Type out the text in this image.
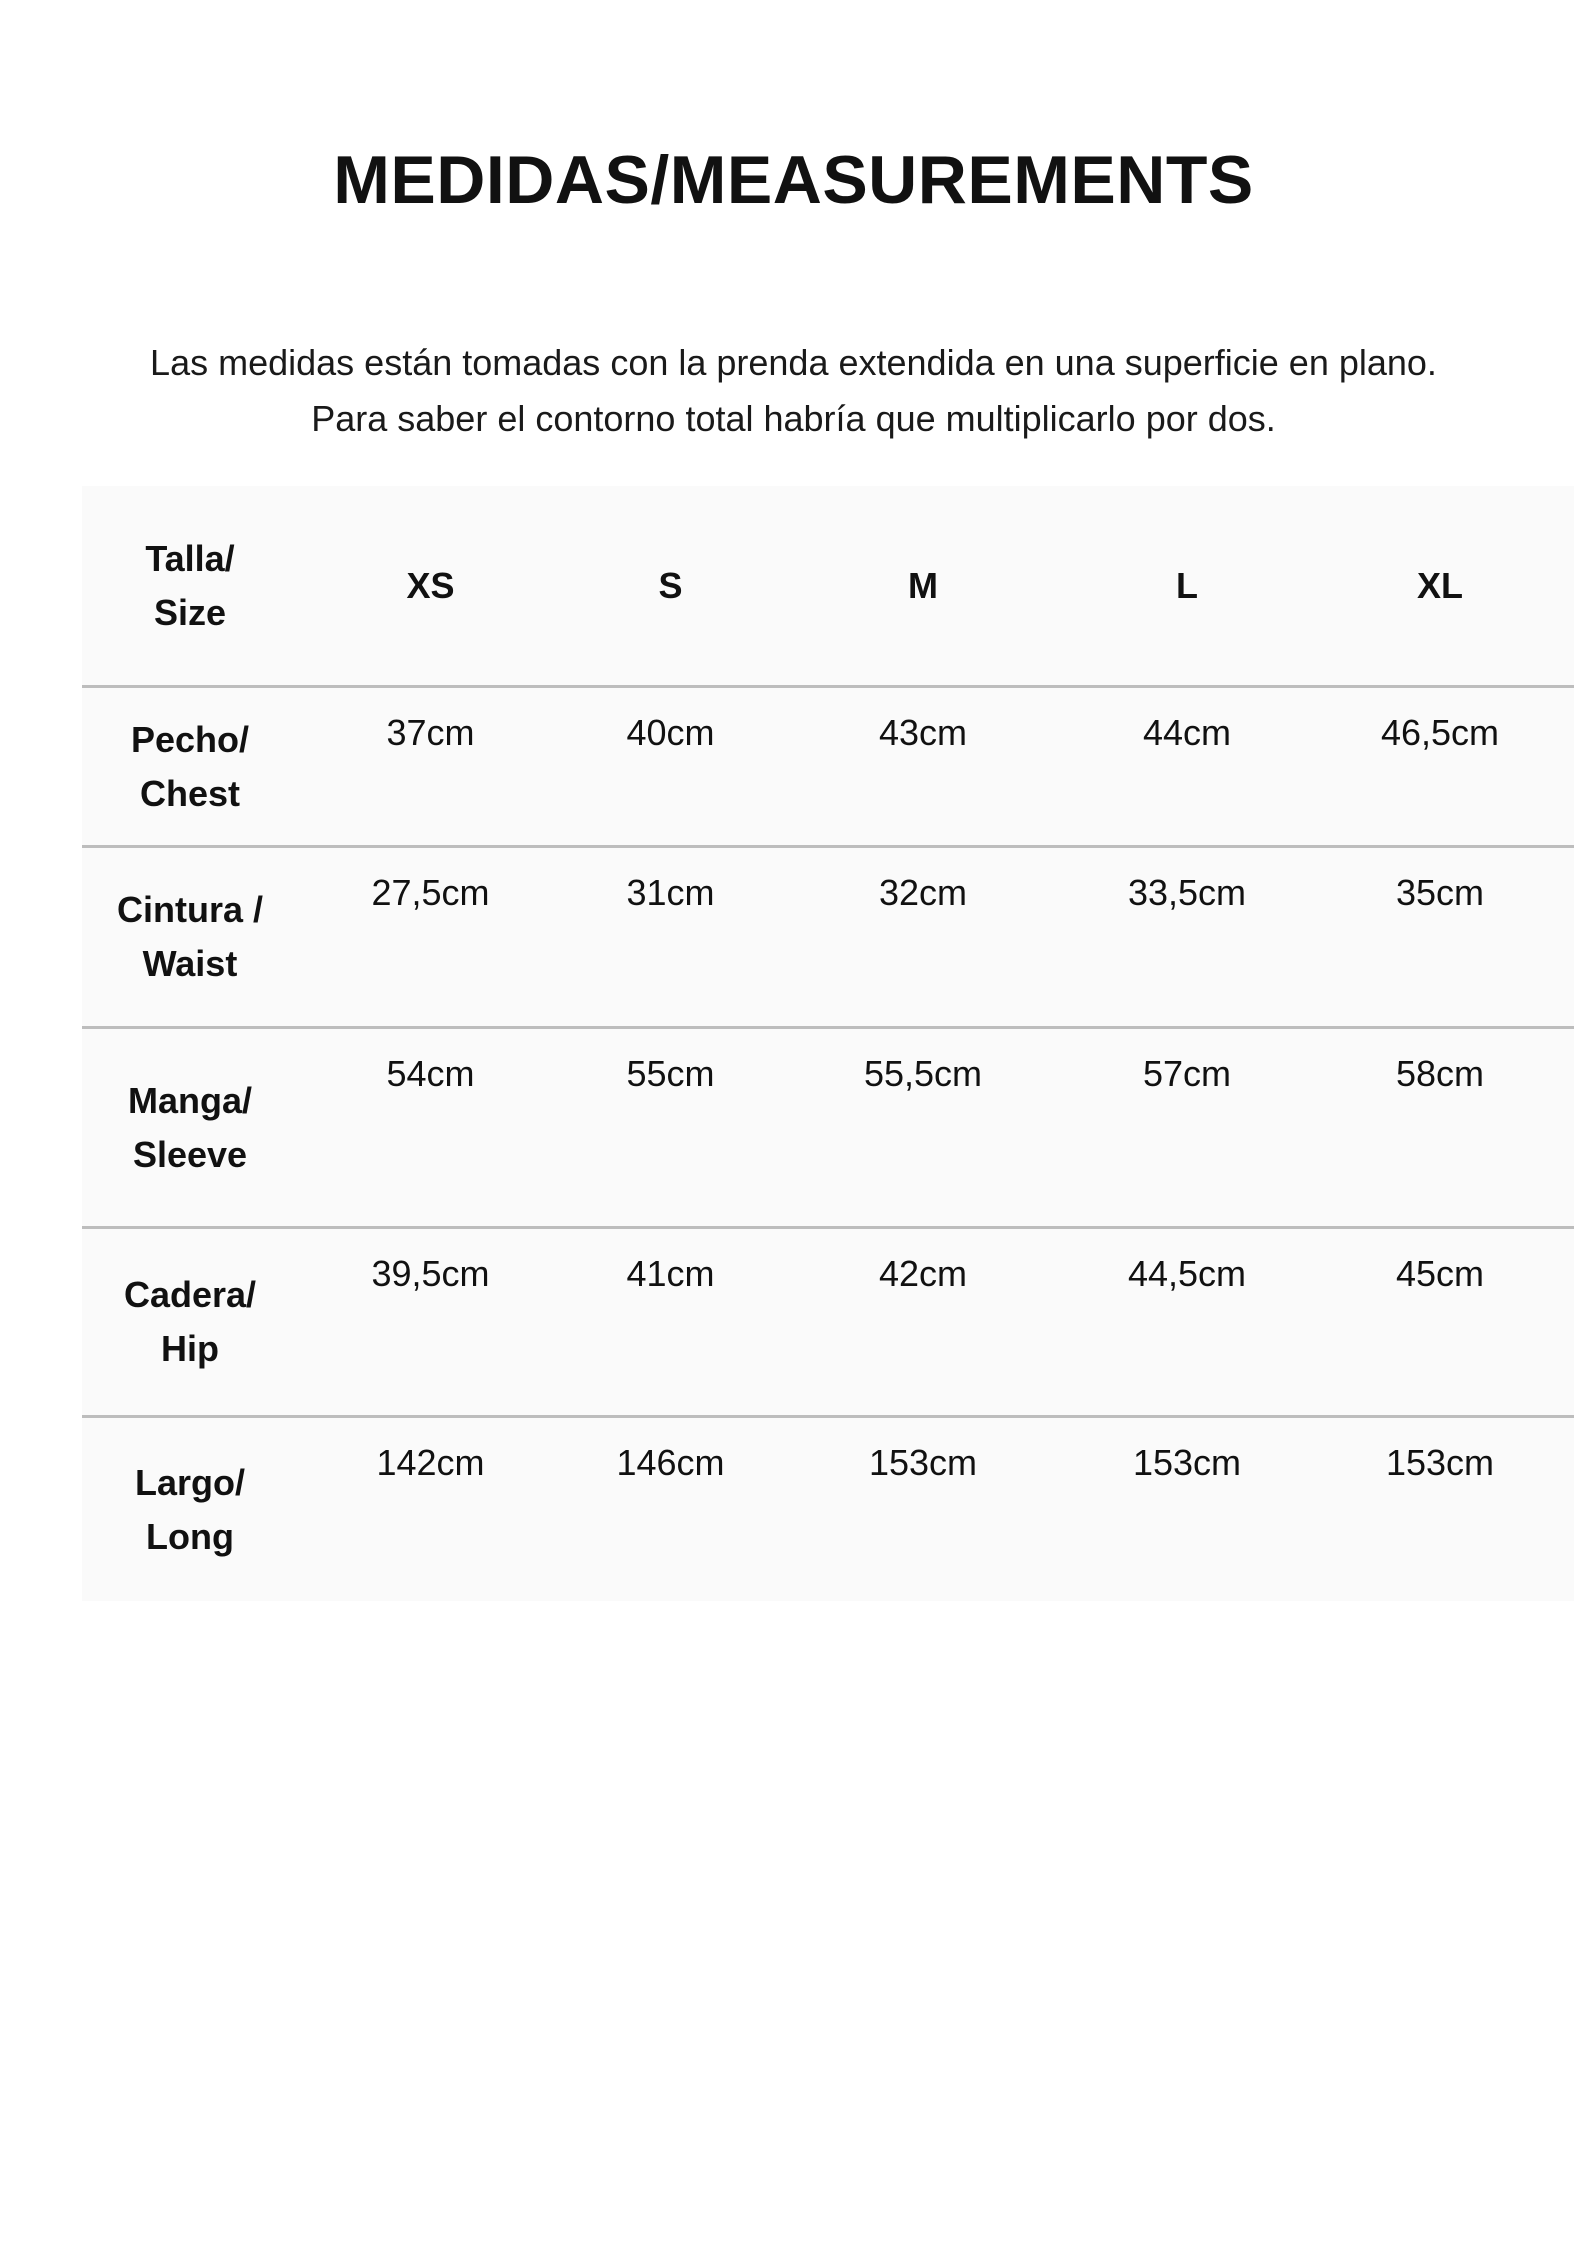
MEDIDAS/MEASUREMENTS
Las medidas están tomadas con la prenda extendida en una superficie en plano.
Para saber el contorno total habría que multiplicarlo por dos.
Talla/
Size
XS	S	M	L	XL
Pecho/
Chest
37cm	40cm	43cm	44cm	46,5cm
Cintura /
Waist
27,5cm	31cm	32cm	33,5cm	35cm
Manga/
Sleeve
54cm	55cm	55,5cm	57cm	58cm
Cadera/
Hip
39,5cm	41cm	42cm	44,5cm	45cm
Largo/
Long
142cm	146cm	153cm	153cm	153cm
